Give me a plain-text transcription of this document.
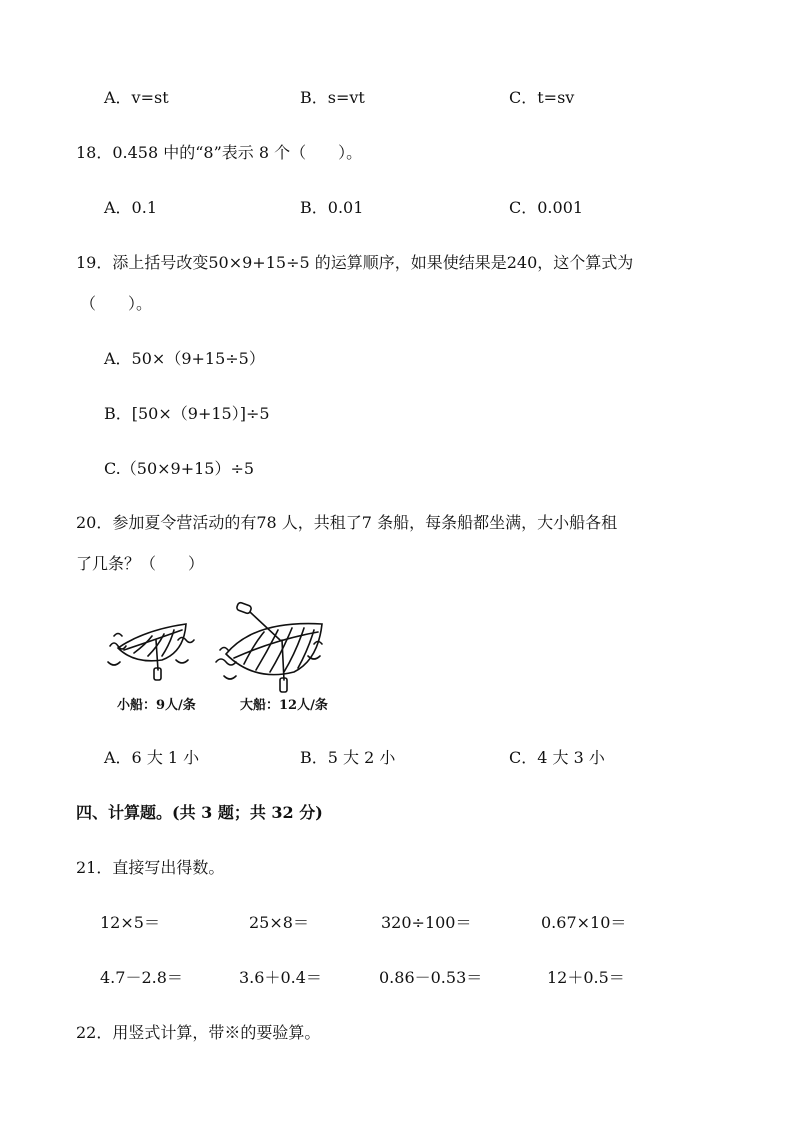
A．v=st	B．s=vt	C．t=sv
18．0.458 中的“8”表示 8 个（　　）。
A．0.1	B．0.01	C．0.001
19．添上括号改变50×9+15÷5 的运算顺序，如果使结果是240，这个算式为
（　　）。
A．50×（9+15÷5）
B．[50×（9+15）]÷5
C.（50×9+15）÷5
20．参加夏令营活动的有78 人，共租了7 条船，每条船都坐满，大小船各租
了几条？（　　）
小船：9人/条	大船：12人/条
A．6 大 1 小	B．5 大 2 小	C．4 大 3 小
四、计算题。(共 3 题；共 32 分)
21．直接写出得数。
12×5＝	25×8＝	320÷100＝	0.67×10＝
4.7－2.8＝	3.6＋0.4＝	0.86－0.53＝	12＋0.5＝
22．用竖式计算，带※的要验算。
